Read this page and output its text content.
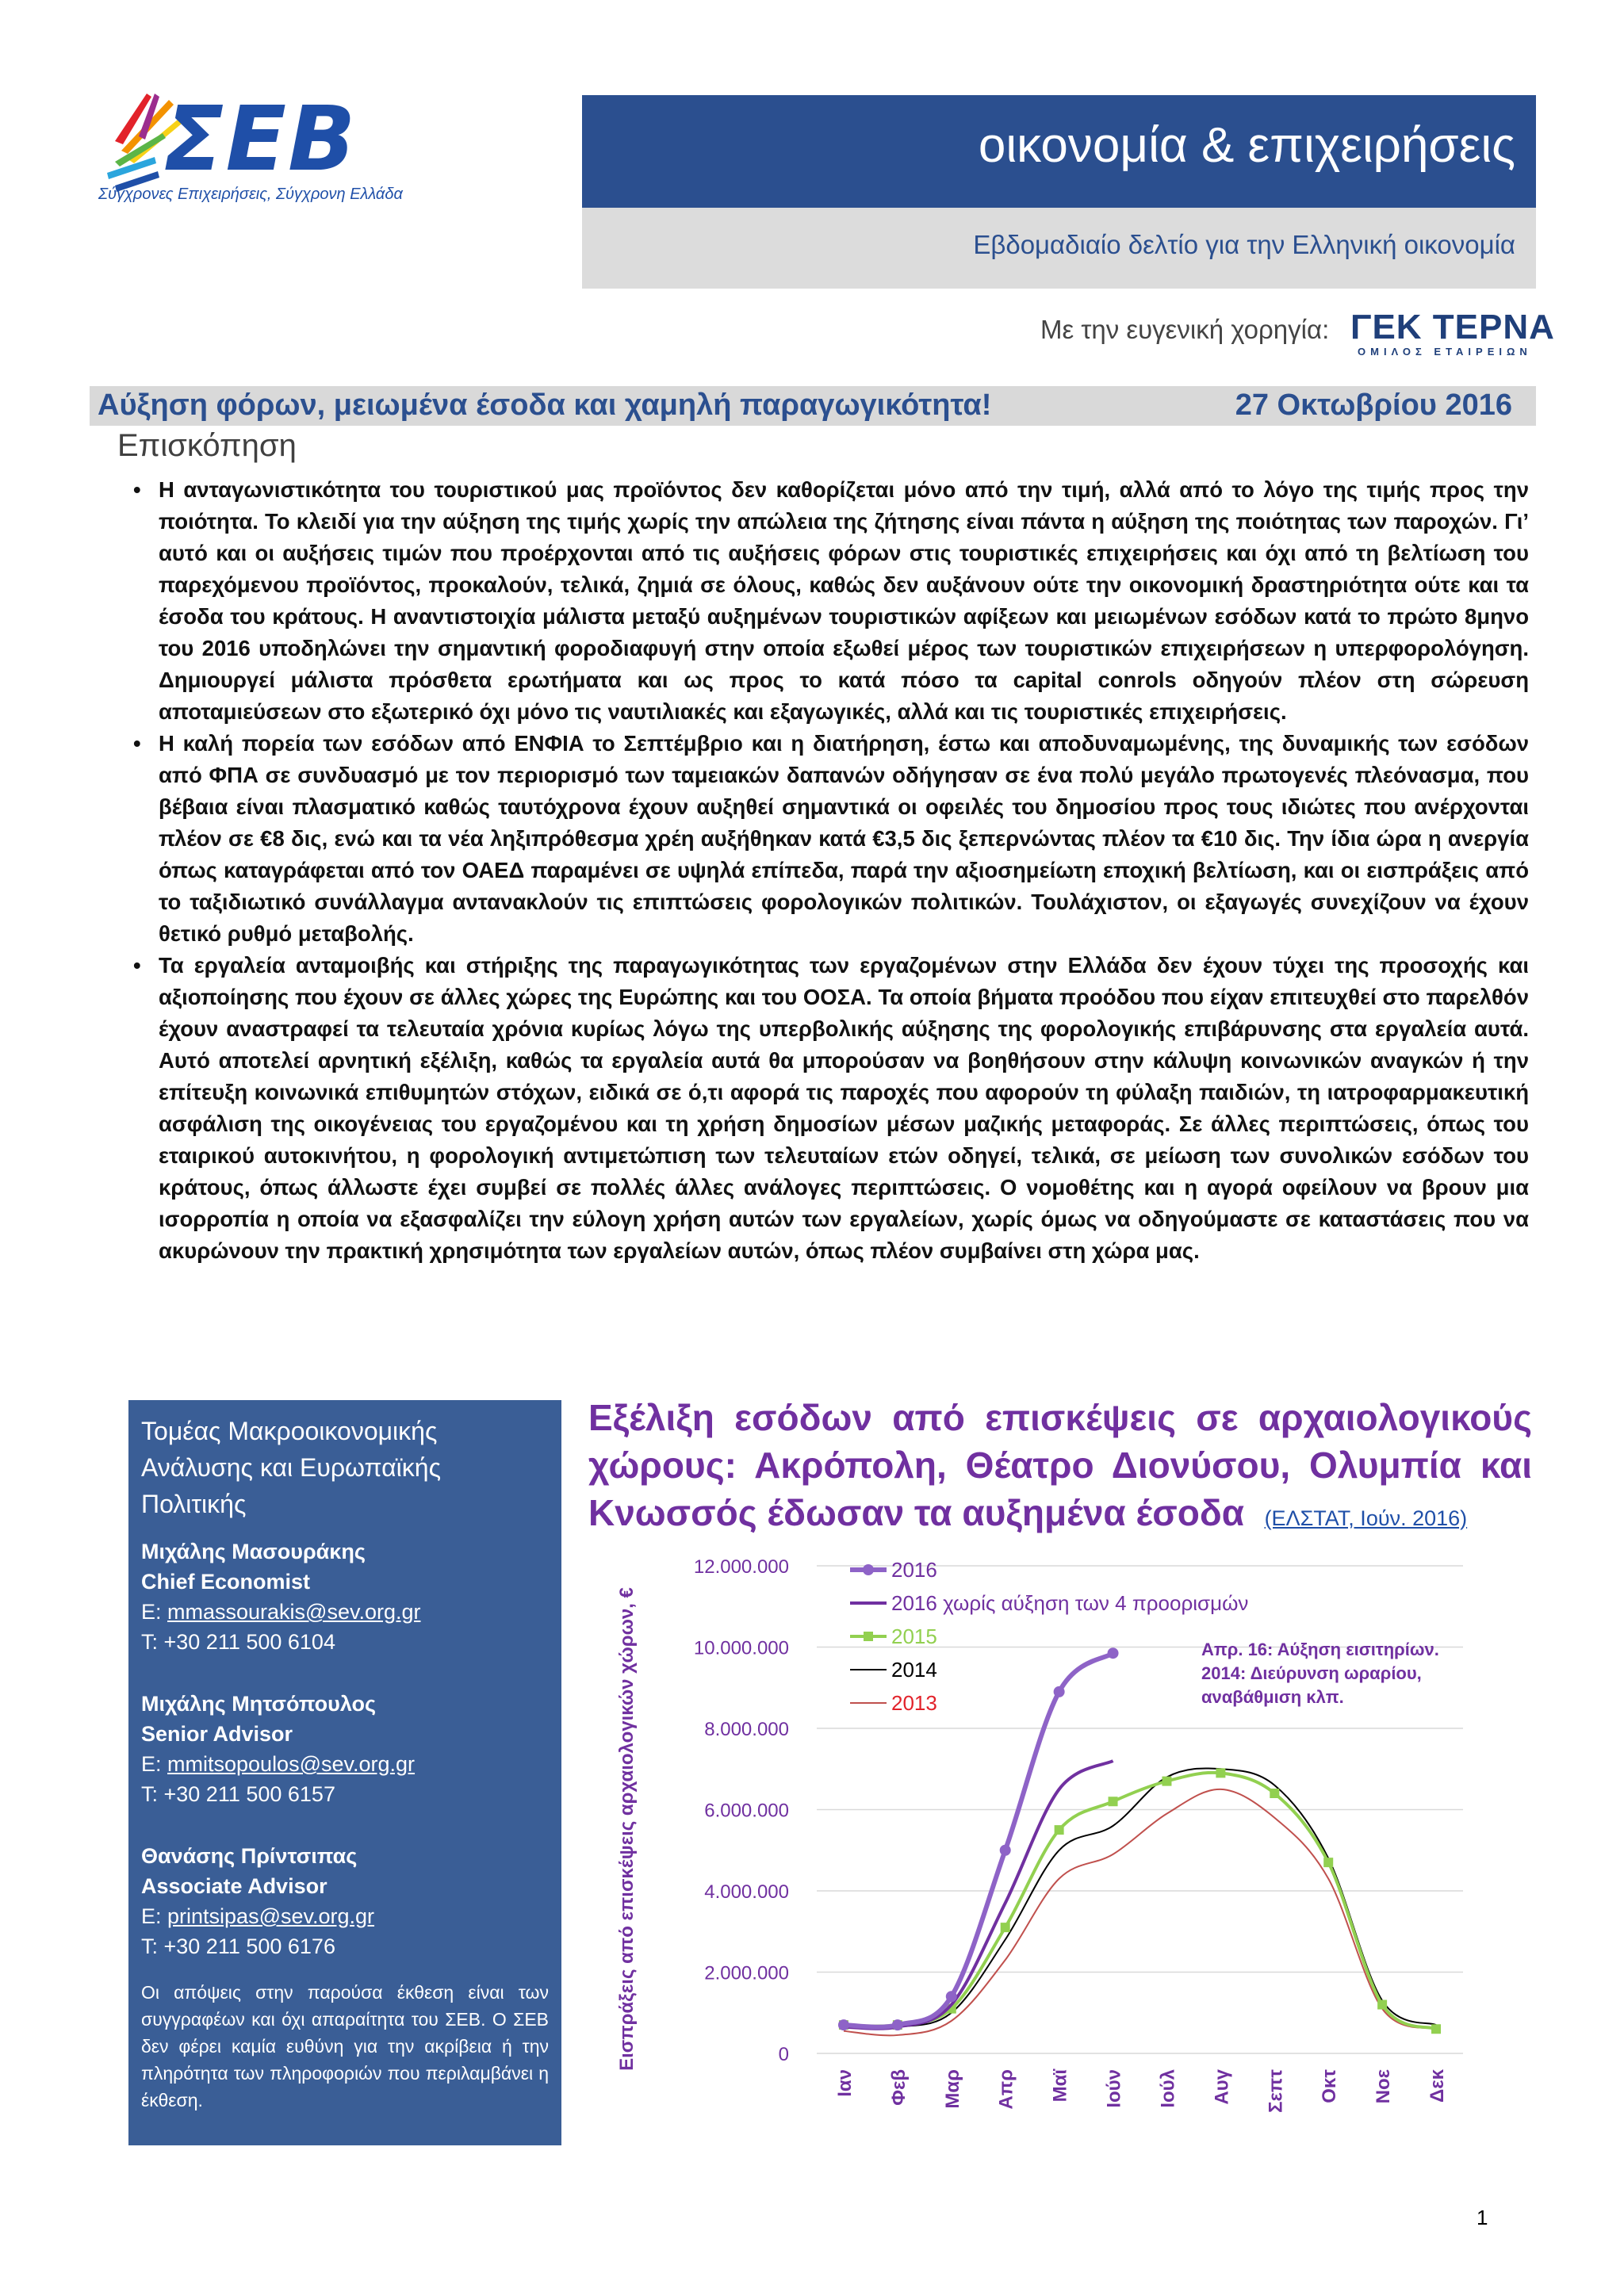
ΣΕΒ
Σύγχρονες Επιχειρήσεις, Σύγχρονη Ελλάδα
οικονομία & επιχειρήσεις
Εβδομαδιαίο δελτίο για την Ελληνική οικονομία
Με την ευγενική χορηγία: ΓΕΚ ΤΕΡΝΑ
ΟΜΙΛΟΣ ΕΤΑΙΡΕΙΩΝ
Αύξηση φόρων, μειωμένα έσοδα και χαμηλή παραγωγικότητα!	27 Οκτωβρίου 2016
Επισκόπηση
• Η ανταγωνιστικότητα του τουριστικού μας προϊόντος δεν καθορίζεται μόνο από την τιμή, αλλά από το λόγο της τιμής προς την ποιότητα. Το κλειδί για την αύξηση της τιμής χωρίς την απώλεια της ζήτησης είναι πάντα η αύξηση της ποιότητας των παροχών. Γι’ αυτό και οι αυξήσεις τιμών που προέρχονται από τις αυξήσεις φόρων στις τουριστικές επιχειρήσεις και όχι από τη βελτίωση του παρεχόμενου προϊόντος, προκαλούν, τελικά, ζημιά σε όλους, καθώς δεν αυξάνουν ούτε την οικονομική δραστηριότητα ούτε και τα έσοδα του κράτους. Η αναντιστοιχία μάλιστα μεταξύ αυξημένων τουριστικών αφίξεων και μειωμένων εσόδων κατά το πρώτο 8μηνο του 2016 υποδηλώνει την σημαντική φοροδιαφυγή στην οποία εξωθεί μέρος των τουριστικών επιχειρήσεων η υπερφορολόγηση. Δημιουργεί μάλιστα πρόσθετα ερωτήματα και ως προς το κατά πόσο τα capital conrols οδηγούν πλέον στη σώρευση αποταμιεύσεων στο εξωτερικό όχι μόνο τις ναυτιλιακές και εξαγωγικές, αλλά και τις τουριστικές επιχειρήσεις.
• Η καλή πορεία των εσόδων από ΕΝΦΙΑ το Σεπτέμβριο και η διατήρηση, έστω και αποδυναμωμένης, της δυναμικής των εσόδων από ΦΠΑ σε συνδυασμό με τον περιορισμό των ταμειακών δαπανών οδήγησαν σε ένα πολύ μεγάλο πρωτογενές πλεόνασμα, που βέβαια είναι πλασματικό καθώς ταυτόχρονα έχουν αυξηθεί σημαντικά οι οφειλές του δημοσίου προς τους ιδιώτες που ανέρχονται πλέον σε €8 δις, ενώ και τα νέα ληξιπρόθεσμα χρέη αυξήθηκαν κατά €3,5 δις ξεπερνώντας πλέον τα €10 δις. Την ίδια ώρα η ανεργία όπως καταγράφεται από τον ΟΑΕΔ παραμένει σε υψηλά επίπεδα, παρά την αξιοσημείωτη εποχική βελτίωση, και οι εισπράξεις από το ταξιδιωτικό συνάλλαγμα αντανακλούν τις επιπτώσεις φορολογικών πολιτικών. Τουλάχιστον, οι εξαγωγές συνεχίζουν να έχουν θετικό ρυθμό μεταβολής.
• Τα εργαλεία ανταμοιβής και στήριξης της παραγωγικότητας των εργαζομένων στην Ελλάδα δεν έχουν τύχει της προσοχής και αξιοποίησης που έχουν σε άλλες χώρες της Ευρώπης και του ΟΟΣΑ. Τα οποία βήματα προόδου που είχαν επιτευχθεί στο παρελθόν έχουν αναστραφεί τα τελευταία χρόνια κυρίως λόγω της υπερβολικής αύξησης της φορολογικής επιβάρυνσης στα εργαλεία αυτά. Αυτό αποτελεί αρνητική εξέλιξη, καθώς τα εργαλεία αυτά θα μπορούσαν να βοηθήσουν στην κάλυψη κοινωνικών αναγκών ή την επίτευξη κοινωνικά επιθυμητών στόχων, ειδικά σε ό,τι αφορά τις παροχές που αφορούν τη φύλαξη παιδιών, τη ιατροφαρμακευτική ασφάλιση της οικογένειας του εργαζομένου και τη χρήση δημοσίων μέσων μαζικής μεταφοράς. Σε άλλες περιπτώσεις, όπως του εταιρικού αυτοκινήτου, η φορολογική αντιμετώπιση των τελευταίων ετών οδηγεί, τελικά, σε μείωση των συνολικών εσόδων του κράτους, όπως άλλωστε έχει συμβεί σε πολλές άλλες ανάλογες περιπτώσεις. Ο νομοθέτης και η αγορά οφείλουν να βρουν μια ισορροπία η οποία να εξασφαλίζει την εύλογη χρήση αυτών των εργαλείων, χωρίς όμως να οδηγούμαστε σε καταστάσεις που να ακυρώνουν την πρακτική χρησιμότητα των εργαλείων αυτών, όπως πλέον συμβαίνει στη χώρα μας.
Τομέας Μακροοικονομικής Ανάλυσης και Ευρωπαϊκής Πολιτικής
Μιχάλης Μασουράκης
Chief Economist
E: mmassourakis@sev.org.gr
T: +30 211 500 6104
Μιχάλης Μητσόπουλος
Senior Advisor
E: mmitsopoulos@sev.org.gr
T: +30 211 500 6157
Θανάσης Πρίντσιπας
Associate Advisor
E: printsipas@sev.org.gr
T: +30 211 500 6176
Οι απόψεις στην παρούσα έκθεση είναι των συγγραφέων και όχι απαραίτητα του ΣΕΒ. Ο ΣΕΒ δεν φέρει καμία ευθύνη για την ακρίβεια ή την πληρότητα των πληροφοριών που περιλαμβάνει η έκθεση.
Εξέλιξη εσόδων από επισκέψεις σε αρχαιολογικούς χώρους: Ακρόπολη, Θέατρο Διονύσου, Ολυμπία και Κνωσσός έδωσαν τα αυξημένα έσοδα (ΕΛΣΤΑΤ, Ιούν. 2016)
0
2.000.000
4.000.000
6.000.000
8.000.000
10.000.000
12.000.000
Ιαν Φεβ Μαρ Απρ Μαϊ Ιούν Ιούλ Αυγ Σεπτ Οκτ Νοε Δεκ
2016
2016 χωρίς αύξηση των 4 προορισμών
2015
2014
2013
Εισπράξεις από επισκέψεις αρχαιολογικών χώρων, €	Απρ. 16: Αύξηση εισιτηρίων.
2014: Διεύρυνση ωραρίου,
αναβάθμιση κλπ.
1
